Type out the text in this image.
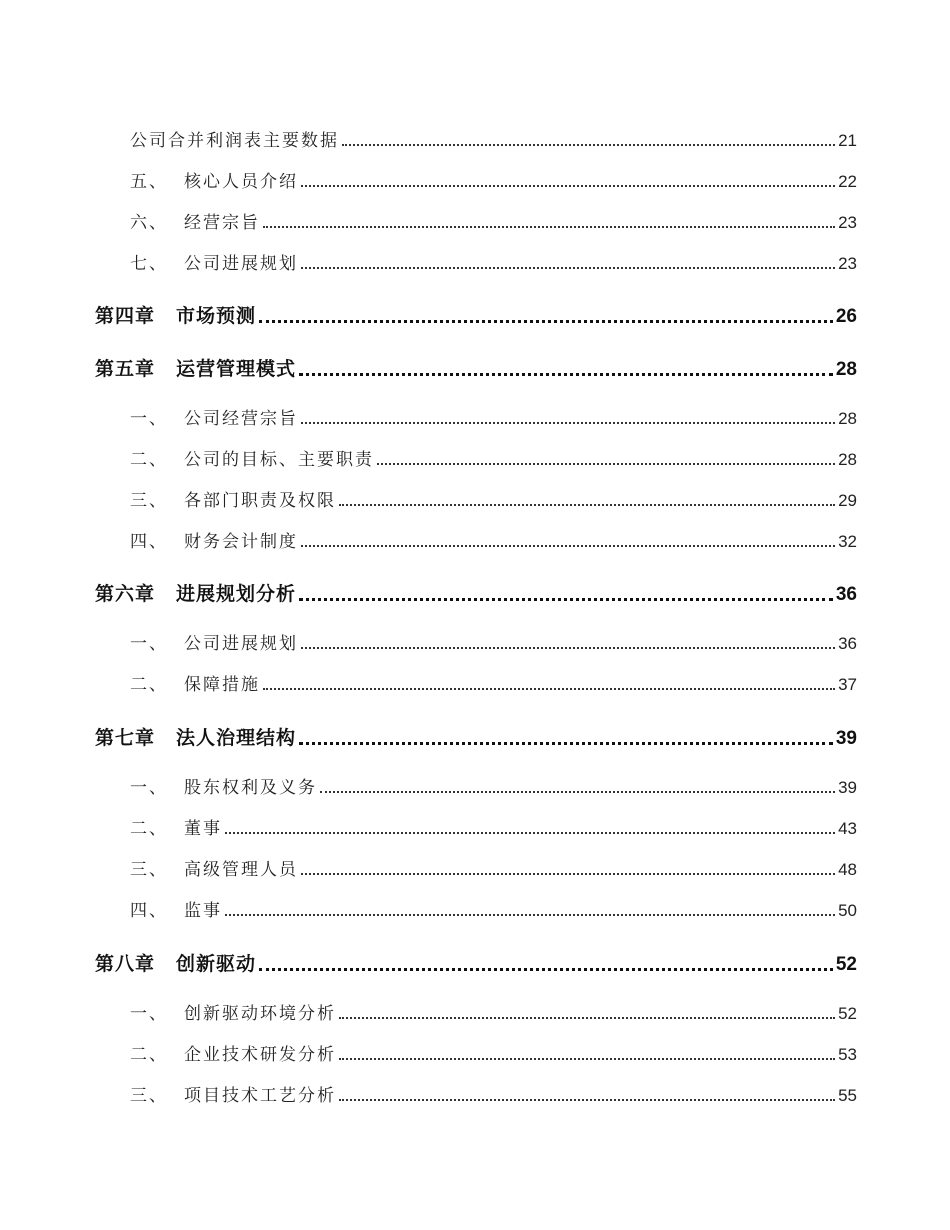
公司合并利润表主要数据	21
五、 核心人员介绍	22
六、 经营宗旨	23
七、 公司进展规划	23
第四章	市场预测	26
第五章	运营管理模式	28
一、 公司经营宗旨	28
二、 公司的目标、主要职责	28
三、 各部门职责及权限	29
四、 财务会计制度	32
第六章	进展规划分析	36
一、 公司进展规划	36
二、 保障措施	37
第七章	法人治理结构	39
一、 股东权利及义务	39
二、 董事	43
三、 高级管理人员	48
四、 监事	50
第八章	创新驱动	52
一、 创新驱动环境分析	52
二、 企业技术研发分析	53
三、 项目技术工艺分析	55
